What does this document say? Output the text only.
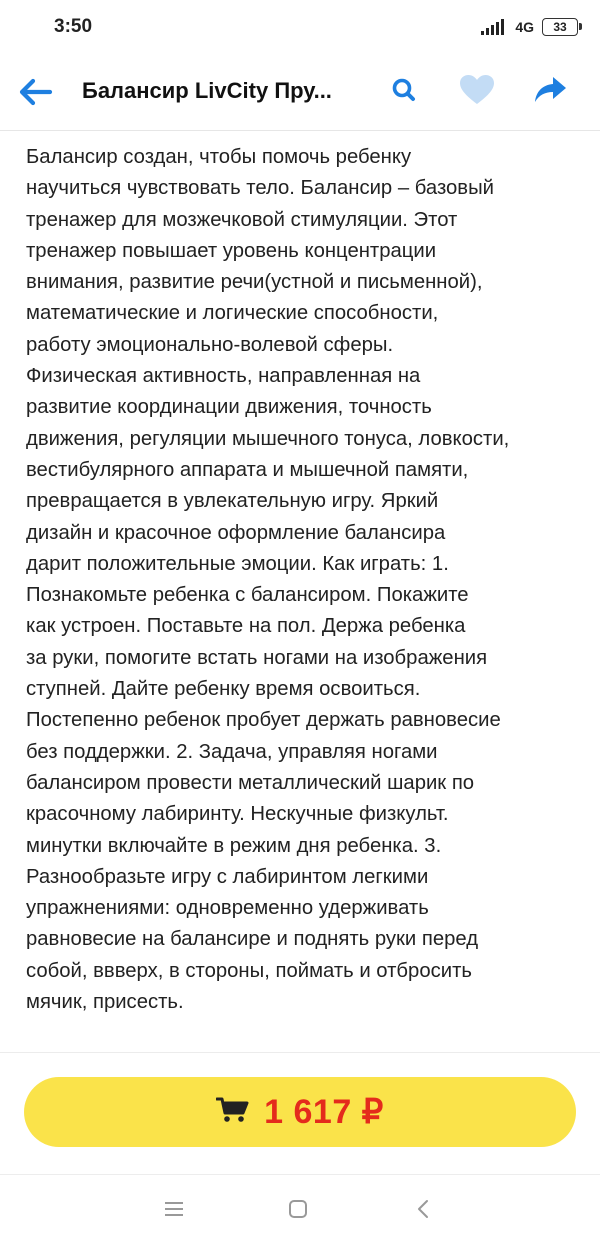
3:50	4G 33
Балансир LivCity Пру...

Балансир создан, чтобы помочь ребенку
научиться чувствовать тело. Балансир – базовый
тренажер для мозжечковой стимуляции. Этот
тренажер повышает уровень концентрации
внимания, развитие речи(устной и письменной),
математические и логические способности,
работу эмоционально-волевой сферы.
Физическая активность, направленная на
развитие координации движения, точность
движения, регуляции мышечного тонуса, ловкости,
вестибулярного аппарата и мышечной памяти,
превращается в увлекательную игру. Яркий
дизайн и красочное оформление балансира
дарит положительные эмоции. Как играть: 1.
Познакомьте ребенка с балансиром. Покажите
как устроен. Поставьте на пол. Держа ребенка
за руки, помогите встать ногами на изображения
ступней. Дайте ребенку время освоиться.
Постепенно ребенок пробует держать равновесие
без поддержки. 2. Задача, управляя ногами
балансиром провести металлический шарик по
красочному лабиринту. Нескучные физкульт.
минутки включайте в режим дня ребенка. 3.
Разнообразьте игру с лабиринтом легкими
упражнениями: одновременно удерживать
равновесие на балансире и поднять руки перед
собой, ввверх, в стороны, поймать и отбросить
мячик, присесть.

1 617 ₽
